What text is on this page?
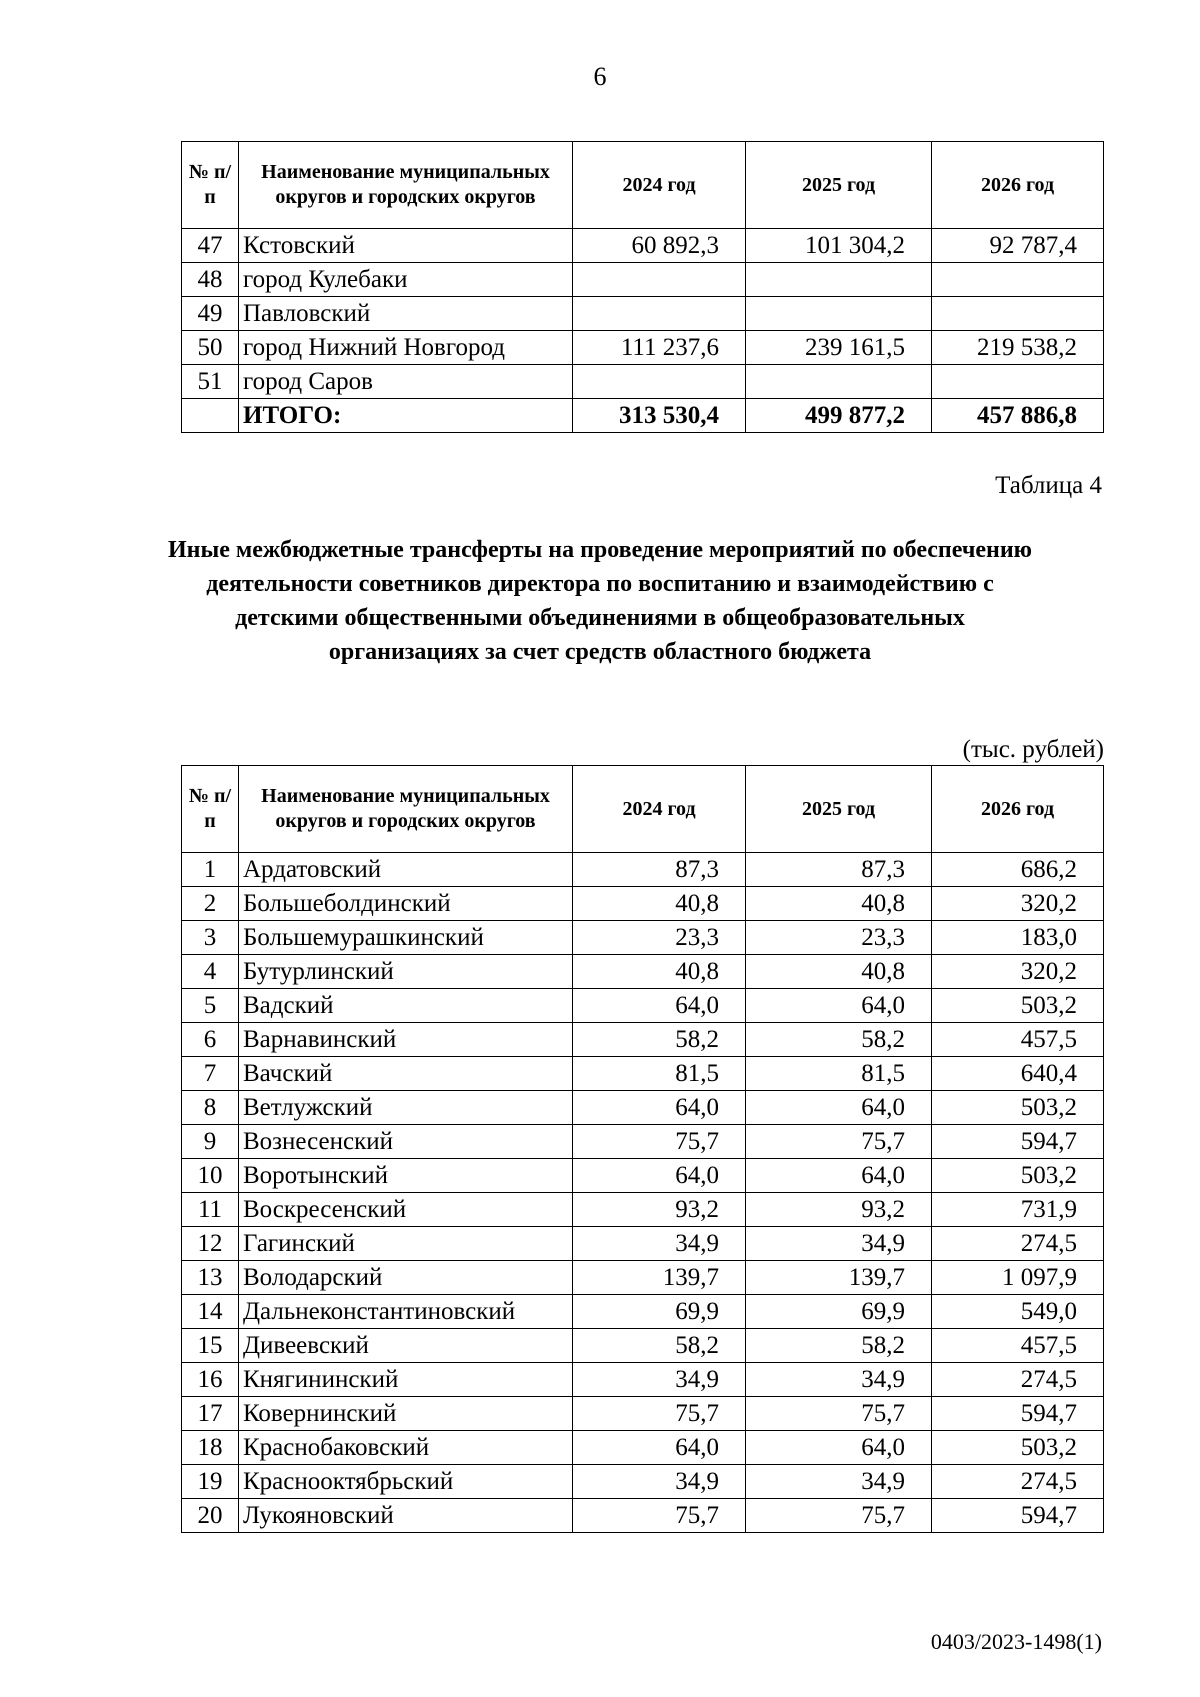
6
№ п/п	Наименование муниципальных округов и городских округов	2024 год	2025 год	2026 год
47	Кстовский	60 892,3	101 304,2	92 787,4
48	город Кулебаки			
49	Павловский			
50	город Нижний Новгород	111 237,6	239 161,5	219 538,2
51	город Саров			
	ИТОГО:	313 530,4	499 877,2	457 886,8
Таблица 4
Иные межбюджетные трансферты на проведение мероприятий по обеспечению деятельности советников директора по воспитанию и взаимодействию с детскими общественными объединениями в общеобразовательных организациях за счет средств областного бюджета
(тыс. рублей)
№ п/п	Наименование муниципальных округов и городских округов	2024 год	2025 год	2026 год
1	Ардатовский	87,3	87,3	686,2
2	Большеболдинский	40,8	40,8	320,2
3	Большемурашкинский	23,3	23,3	183,0
4	Бутурлинский	40,8	40,8	320,2
5	Вадский	64,0	64,0	503,2
6	Варнавинский	58,2	58,2	457,5
7	Вачский	81,5	81,5	640,4
8	Ветлужский	64,0	64,0	503,2
9	Вознесенский	75,7	75,7	594,7
10	Воротынский	64,0	64,0	503,2
11	Воскресенский	93,2	93,2	731,9
12	Гагинский	34,9	34,9	274,5
13	Володарский	139,7	139,7	1 097,9
14	Дальнеконстантиновский	69,9	69,9	549,0
15	Дивеевский	58,2	58,2	457,5
16	Княгининский	34,9	34,9	274,5
17	Ковернинский	75,7	75,7	594,7
18	Краснобаковский	64,0	64,0	503,2
19	Краснооктябрьский	34,9	34,9	274,5
20	Лукояновский	75,7	75,7	594,7
0403/2023-1498(1)
